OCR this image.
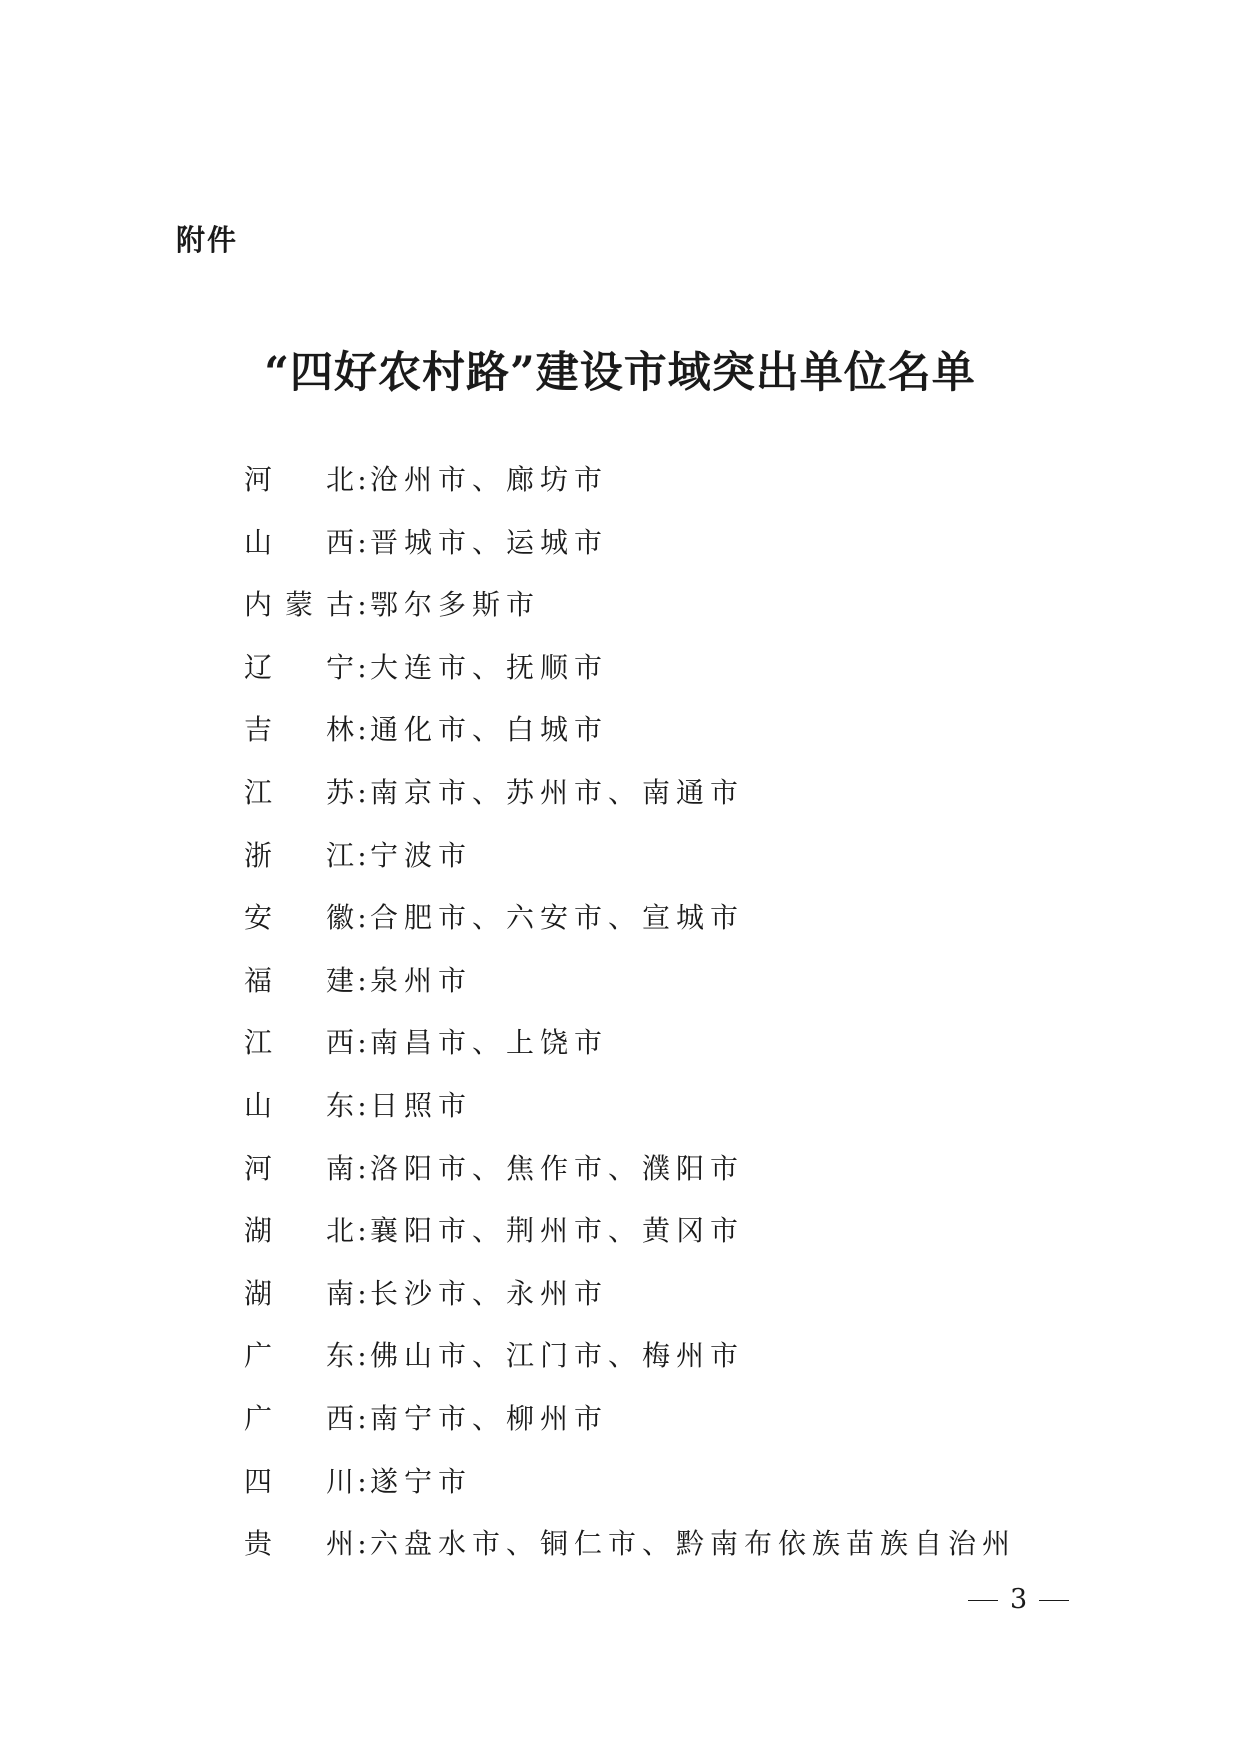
附件
“四好农村路”建设市域突出单位名单
河北 : 沧州市、廊坊市
山西 : 晋城市、运城市
内蒙古 : 鄂尔多斯市
辽宁 : 大连市、抚顺市
吉林 : 通化市、白城市
江苏 : 南京市、苏州市、南通市
浙江 : 宁波市
安徽 : 合肥市、六安市、宣城市
福建 : 泉州市
江西 : 南昌市、上饶市
山东 : 日照市
河南 : 洛阳市、焦作市、濮阳市
湖北 : 襄阳市、荆州市、黄冈市
湖南 : 长沙市、永州市
广东 : 佛山市、江门市、梅州市
广西 : 南宁市、柳州市
四川 : 遂宁市
贵州 : 六盘水市、铜仁市、黔南布依族苗族自治州
3
